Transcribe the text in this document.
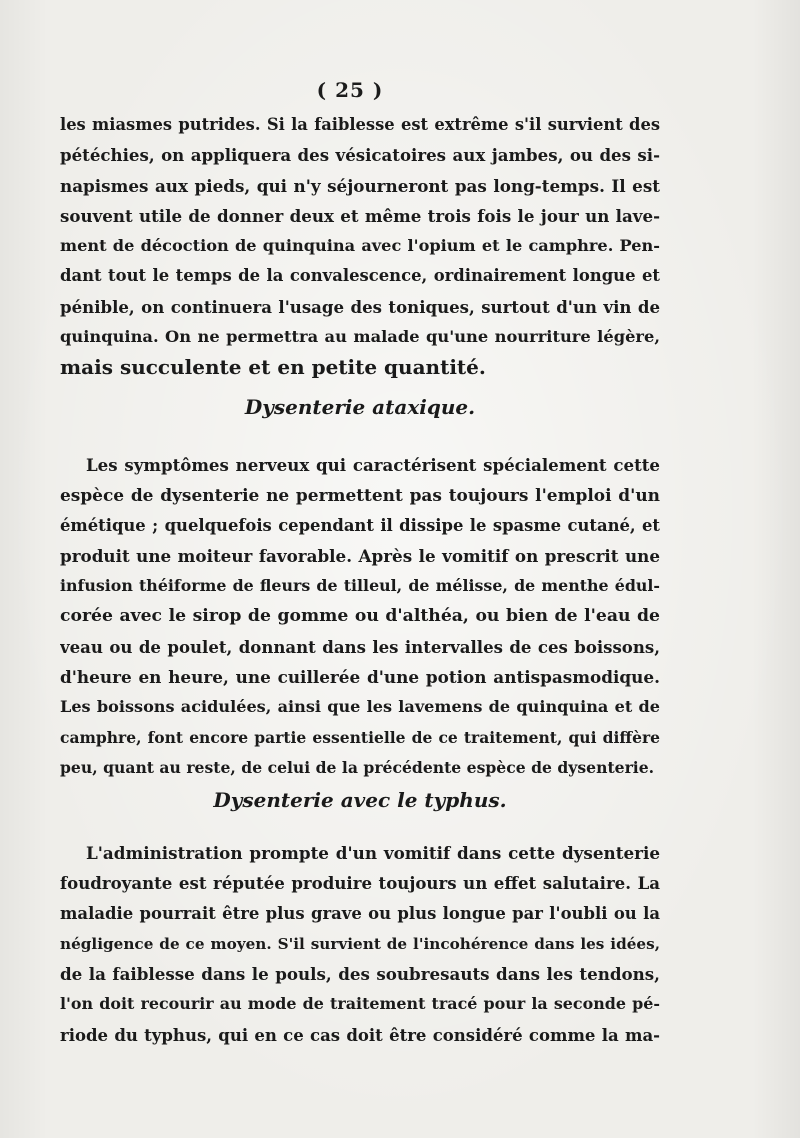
( 25 )
les miasmes putrides. Si la faiblesse est extrême s'il survient des
pétéchies, on appliquera des vésicatoires aux jambes, ou des si-
napismes aux pieds, qui n'y séjourneront pas long-temps. Il est
souvent utile de donner deux et même trois fois le jour un lave-
ment de décoction de quinquina avec l'opium et le camphre. Pen-
dant tout le temps de la convalescence, ordinairement longue et
pénible, on continuera l'usage des toniques, surtout d'un vin de
quinquina. On ne permettra au malade qu'une nourriture légère,
mais succulente et en petite quantité.
Dysenterie ataxique.
Les symptômes nerveux qui caractérisent spécialement cette
espèce de dysenterie ne permettent pas toujours l'emploi d'un
émétique ; quelquefois cependant il dissipe le spasme cutané, et
produit une moiteur favorable. Après le vomitif on prescrit une
infusion théiforme de fleurs de tilleul, de mélisse, de menthe édul-
corée avec le sirop de gomme ou d'althéa, ou bien de l'eau de
veau ou de poulet, donnant dans les intervalles de ces boissons,
d'heure en heure, une cuillerée d'une potion antispasmodique.
Les boissons acidulées, ainsi que les lavemens de quinquina et de
camphre, font encore partie essentielle de ce traitement, qui diffère
peu, quant au reste, de celui de la précédente espèce de dysenterie.
Dysenterie avec le typhus.
L'administration prompte d'un vomitif dans cette dysenterie
foudroyante est réputée produire toujours un effet salutaire. La
maladie pourrait être plus grave ou plus longue par l'oubli ou la
négligence de ce moyen. S'il survient de l'incohérence dans les idées,
de la faiblesse dans le pouls, des soubresauts dans les tendons,
l'on doit recourir au mode de traitement tracé pour la seconde pé-
riode du typhus, qui en ce cas doit être considéré comme la ma-
